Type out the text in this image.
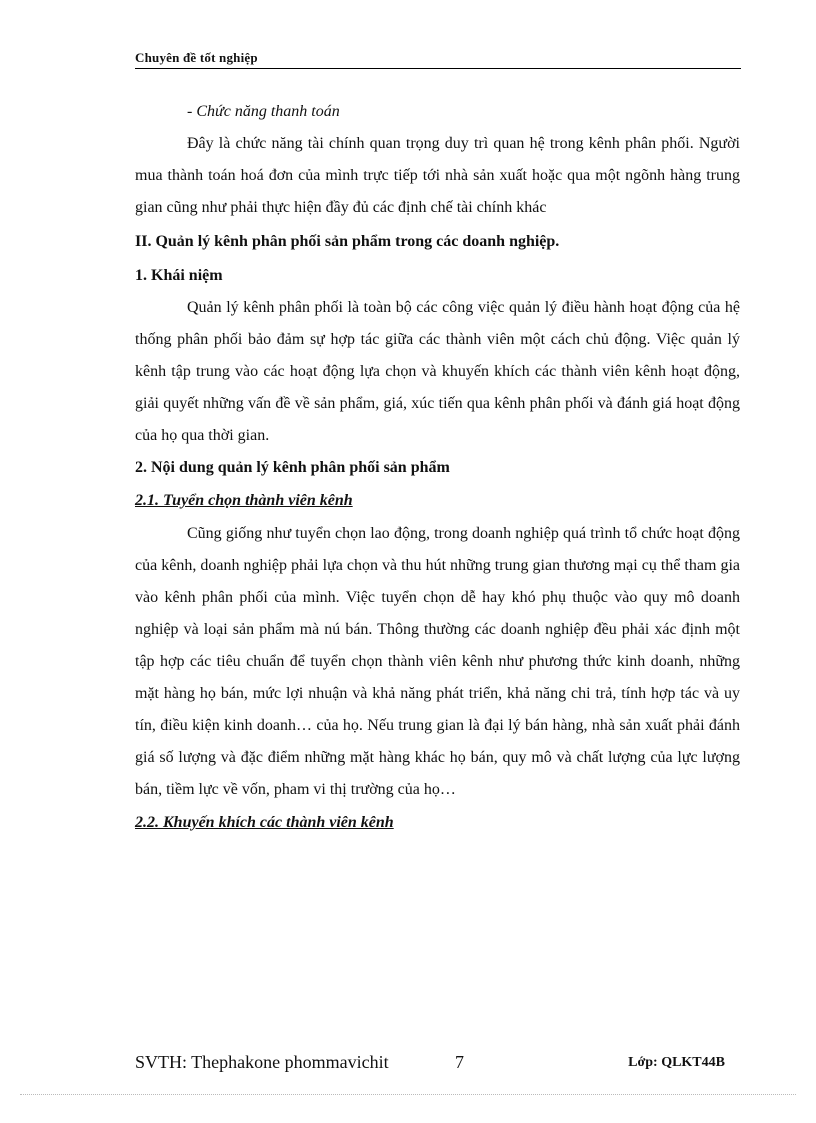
Chuyên đề tốt nghiệp

- Chức năng thanh toán

Đây là chức năng tài chính quan trọng duy trì quan hệ trong kênh phân phối. Người mua thành toán hoá đơn của mình trực tiếp tới nhà sản xuất hoặc qua một ngõnh hàng trung gian cũng như phải thực hiện đầy đủ các định chế tài chính khác

II. Quản lý kênh phân phối sản phẩm trong các doanh nghiệp.

1. Khái niệm

Quản lý kênh phân phối là toàn bộ các công việc quản lý điều hành hoạt động của hệ thống phân phối bảo đảm sự hợp tác giữa các thành viên một cách chủ động. Việc quản lý kênh tập trung vào các hoạt động lựa chọn và khuyến khích các thành viên kênh hoạt động, giải quyết những vấn đề về sản phẩm, giá, xúc tiến qua kênh phân phối và đánh giá hoạt động của họ qua thời gian.

2. Nội dung quản lý kênh phân phối sản phẩm

2.1. Tuyển chọn thành viên kênh

Cũng giống như tuyển chọn lao động, trong doanh nghiệp quá trình tổ chức hoạt động của kênh, doanh nghiệp phải lựa chọn và thu hút những trung gian thương mại cụ thể tham gia vào kênh phân phối của mình. Việc tuyển chọn dễ hay khó phụ thuộc vào quy mô doanh nghiệp và loại sản phẩm mà nú bán. Thông thường các doanh nghiệp đều phải xác định một tập hợp các tiêu chuẩn để tuyển chọn thành viên kênh như phương thức kinh doanh, những mặt hàng họ bán, mức lợi nhuận và khả năng phát triển, khả năng chi trả, tính hợp tác và uy tín, điều kiện kinh doanh… của họ. Nếu trung gian là đại lý bán hàng, nhà sản xuất phải đánh giá số lượng và đặc điểm những mặt hàng khác họ bán, quy mô và chất lượng của lực lượng bán, tiềm lực về vốn, pham vi thị trường của họ…

2.2. Khuyến khích các thành viên kênh

SVTH: Thephakone phommavichit	7	Lớp: QLKT44B
